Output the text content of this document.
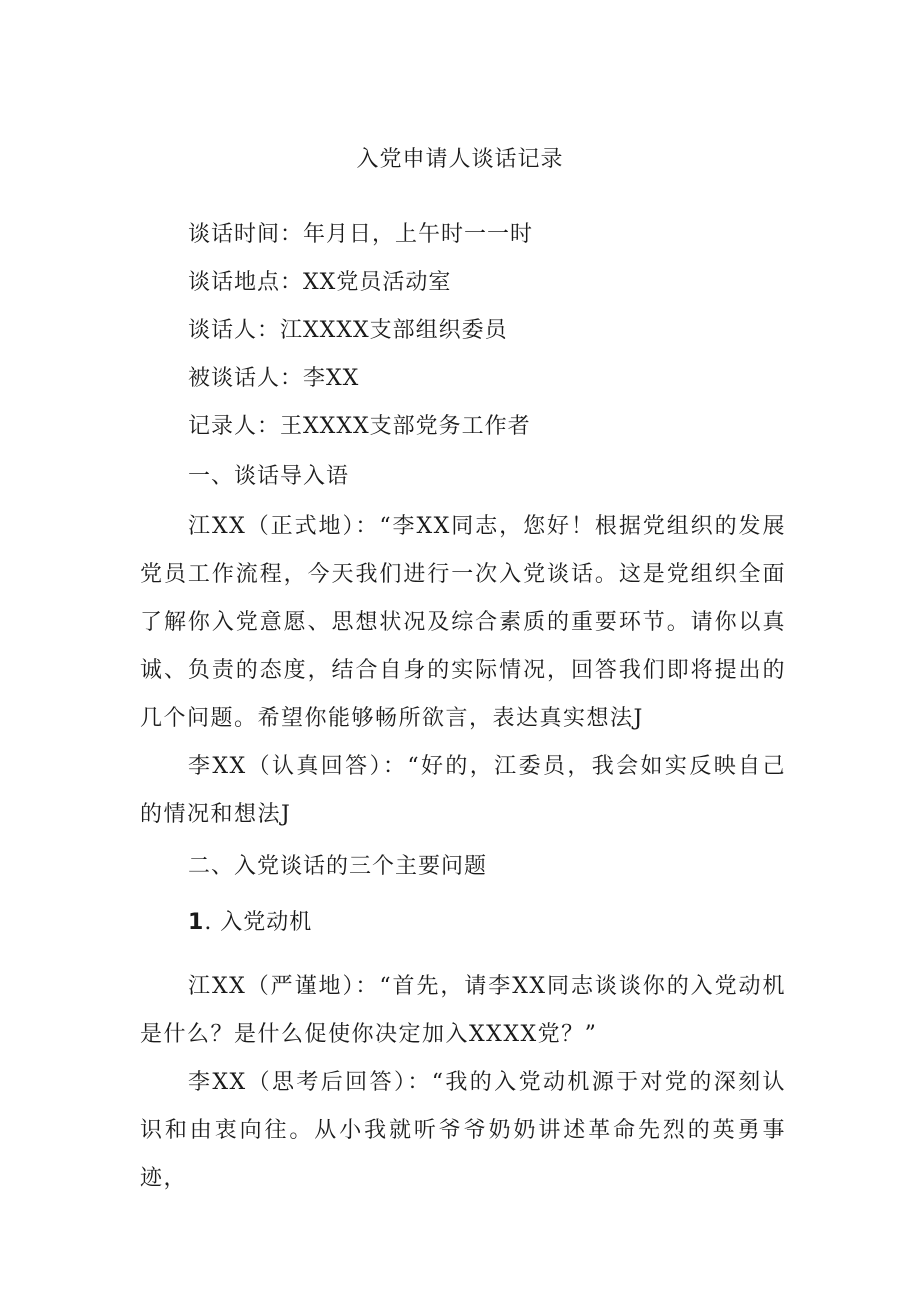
入党申请人谈话记录
谈话时间：年月日，上午时一一时
谈话地点：XX党员活动室
谈话人：江XXXX支部组织委员
被谈话人：李XX
记录人：王XXXX支部党务工作者
一、谈话导入语
江XX（正式地）：“李XX同志，您好！根据党组织的发展党员工作流程，今天我们进行一次入党谈话。这是党组织全面了解你入党意愿、思想状况及综合素质的重要环节。请你以真诚、负责的态度，结合自身的实际情况，回答我们即将提出的几个问题。希望你能够畅所欲言，表达真实想法J
李XX（认真回答）：“好的，江委员，我会如实反映自己的情况和想法J
二、入党谈话的三个主要问题
1. 入党动机
江XX（严谨地）：“首先，请李XX同志谈谈你的入党动机是什么？是什么促使你决定加入XXXX党？”
李XX（思考后回答）：“我的入党动机源于对党的深刻认识和由衷向往。从小我就听爷爷奶奶讲述革命先烈的英勇事迹，
